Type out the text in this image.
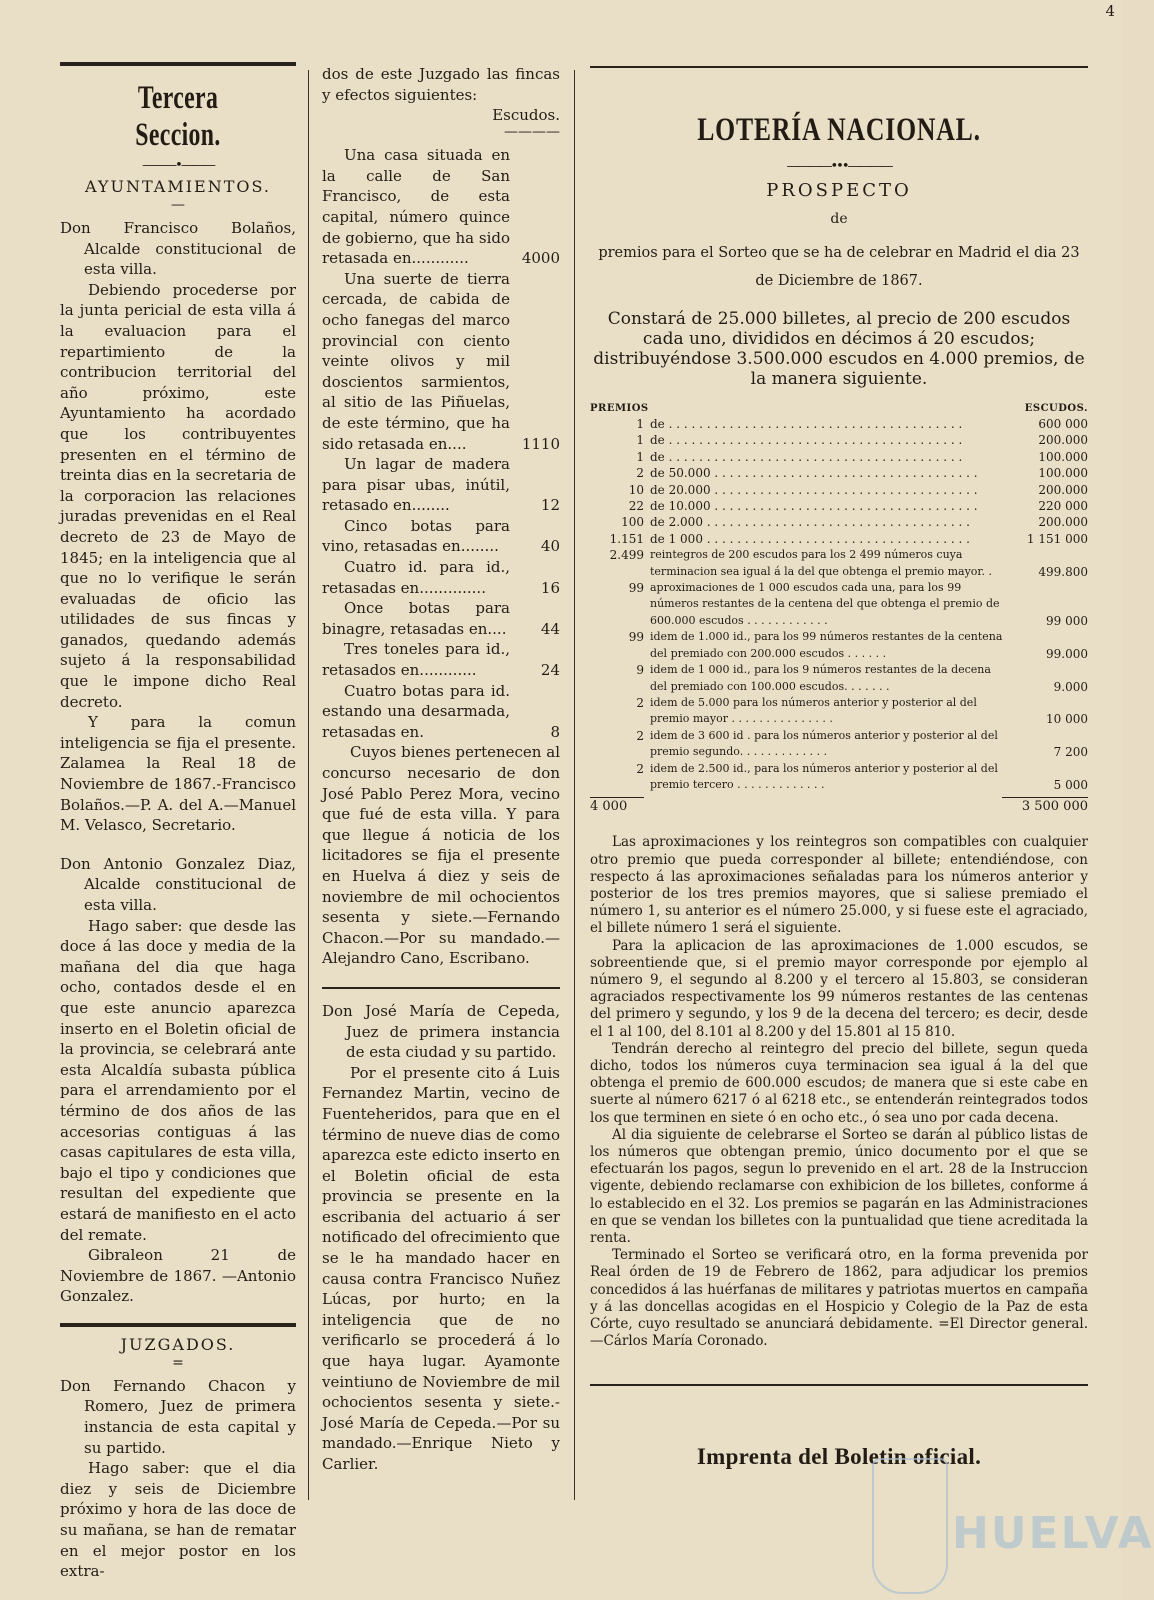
4
Tercera Seccion.
———•———
AYUNTAMIENTOS.
—

Don Francisco Bolaños, Alcalde constitucional de esta villa.

Debiendo procederse por la junta pericial de esta villa á la evaluacion para el repartimiento de la contribucion territorial del año próximo, este Ayuntamiento ha acordado que los contribuyentes presenten en el término de treinta dias en la secretaria de la corporacion las relaciones juradas prevenidas en el Real decreto de 23 de Mayo de 1845; en la inteligencia que al que no lo verifique le serán evaluadas de oficio las utilidades de sus fincas y ganados, quedando además sujeto á la responsabilidad que le impone dicho Real decreto.

Y para la comun inteligencia se fija el presente. Zalamea la Real 18 de Noviembre de 1867.-Francisco Bolaños.—P. A. del A.—Manuel M. Velasco, Secretario.

Don Antonio Gonzalez Diaz, Alcalde constitucional de esta villa.

Hago saber: que desde las doce á las doce y media de la mañana del dia que haga ocho, contados desde el en que este anuncio aparezca inserto en el Boletin oficial de la provincia, se celebrará ante esta Alcaldía subasta pública para el arrendamiento por el término de dos años de las accesorias contiguas á las casas capitulares de esta villa, bajo el tipo y condiciones que resultan del expediente que estará de manifiesto en el acto del remate.

Gibraleon 21 de Noviembre de 1867. —Antonio Gonzalez.

JUZGADOS.
=

Don Fernando Chacon y Romero, Juez de primera instancia de esta capital y su partido.

Hago saber: que el dia diez y seis de Diciembre próximo y hora de las doce de su mañana, se han de rematar en el mejor postor en los extra-

dos de este Juzgado las fincas y efectos siguientes:

Escudos.
————
Una casa situada en la calle de San Francisco, de esta capital, número quince de gobierno, que ha sido retasada en............	4000
Una suerte de tierra cercada, de cabida de ocho fanegas del marco provincial con ciento veinte olivos y mil doscientos sarmientos, al sitio de las Piñuelas, de este término, que ha sido retasada en....	1110
Un lagar de madera para pisar ubas, inútil, retasado en........	12
Cinco botas para vino, retasadas en........	40
Cuatro id. para id., retasadas en..............	16
Once botas para binagre, retasadas en....	44
Tres toneles para id., retasados en............	24
Cuatro botas para id. estando una desarmada, retasadas en.	8

Cuyos bienes pertenecen al concurso necesario de don José Pablo Perez Mora, vecino que fué de esta villa. Y para que llegue á noticia de los licitadores se fija el presente en Huelva á diez y seis de noviembre de mil ochocientos sesenta y siete.—Fernando Chacon.—Por su mandado.—Alejandro Cano, Escribano.

Don José María de Cepeda, Juez de primera instancia de esta ciudad y su partido.

Por el presente cito á Luis Fernandez Martin, vecino de Fuenteheridos, para que en el término de nueve dias de como aparezca este edicto inserto en el Boletin oficial de esta provincia se presente en la escribania del actuario á ser notificado del ofrecimiento que se le ha mandado hacer en causa contra Francisco Nuñez Lúcas, por hurto; en la inteligencia que de no verificarlo se procederá á lo que haya lugar. Ayamonte veintiuno de Noviembre de mil ochocientos sesenta y siete.-José María de Cepeda.—Por su mandado.—Enrique Nieto y Carlier.

LOTERÍA NACIONAL.
————•••————
PROSPECTO
de
premios para el Sorteo que se ha de celebrar en Madrid el dia 23 de Diciembre de 1867.
Constará de 25.000 billetes, al precio de 200 escudos cada uno, divididos en décimos á 20 escudos; distribuyéndose 3.500.000 escudos en 4.000 premios, de la manera siguiente.
PREMIOS	ESCUDOS.
1 de . . . . . . . . . . . . . . . . . . . . . . . . . . . . . . . . . . . . . . .	600 000
1 de . . . . . . . . . . . . . . . . . . . . . . . . . . . . . . . . . . . . . . .	200.000
1 de . . . . . . . . . . . . . . . . . . . . . . . . . . . . . . . . . . . . . . .	100.000
2 de 50.000 . . . . . . . . . . . . . . . . . . . . . . . . . . . . . . . . . . .	100.000
10 de 20.000 . . . . . . . . . . . . . . . . . . . . . . . . . . . . . . . . . . .	200.000
22 de 10.000 . . . . . . . . . . . . . . . . . . . . . . . . . . . . . . . . . . .	220 000
100 de 2.000 . . . . . . . . . . . . . . . . . . . . . . . . . . . . . . . . . . .	200.000
1.151 de 1 000 . . . . . . . . . . . . . . . . . . . . . . . . . . . . . . . . . . .	1 151 000
2.499 reintegros de 200 escudos para los 2 499 números cuya terminacion sea igual á la del que obtenga el premio mayor. .	499.800
99 aproximaciones de 1 000 escudos cada una, para los 99 números restantes de la centena del que obtenga el premio de 600.000 escudos . . . . . . . . . . . .	99 000
99 idem de 1.000 id., para los 99 números restantes de la centena del premiado con 200.000 escudos . . . . . .	99.000
9 idem de 1 000 id., para los 9 números restantes de la decena del premiado con 100.000 escudos. . . . . . .	9.000
2 idem de 5.000 para los números anterior y posterior al del premio mayor . . . . . . . . . . . . . . .	10 000
2 idem de 3 600 id . para los números anterior y posterior al del premio segundo. . . . . . . . . . . . .	7 200
2 idem de 2.500 id., para los números anterior y posterior al del premio tercero . . . . . . . . . . . . .	5 000
4 000	3 500 000

Las aproximaciones y los reintegros son compatibles con cualquier otro premio que pueda corresponder al billete; entendiéndose, con respecto á las aproximaciones señaladas para los números anterior y posterior de los tres premios mayores, que si saliese premiado el número 1, su anterior es el número 25.000, y si fuese este el agraciado, el billete número 1 será el siguiente.

Para la aplicacion de las aproximaciones de 1.000 escudos, se sobreentiende que, si el premio mayor corresponde por ejemplo al número 9, el segundo al 8.200 y el tercero al 15.803, se consideran agraciados respectivamente los 99 números restantes de las centenas del primero y segundo, y los 9 de la decena del tercero; es decir, desde el 1 al 100, del 8.101 al 8.200 y del 15.801 al 15 810.

Tendrán derecho al reintegro del precio del billete, segun queda dicho, todos los números cuya terminacion sea igual á la del que obtenga el premio de 600.000 escudos; de manera que si este cabe en suerte al número 6217 ó al 6218 etc., se entenderán reintegrados todos los que terminen en siete ó en ocho etc., ó sea uno por cada decena.

Al dia siguiente de celebrarse el Sorteo se darán al público listas de los números que obtengan premio, único documento por el que se efectuarán los pagos, segun lo prevenido en el art. 28 de la Instruccion vigente, debiendo reclamarse con exhibicion de los billetes, conforme á lo establecido en el 32. Los premios se pagarán en las Administraciones en que se vendan los billetes con la puntualidad que tiene acreditada la renta.

Terminado el Sorteo se verificará otro, en la forma prevenida por Real órden de 19 de Febrero de 1862, para adjudicar los premios concedidos á las huérfanas de militares y patriotas muertos en campaña y á las doncellas acogidas en el Hospicio y Colegio de la Paz de esta Córte, cuyo resultado se anunciará debidamente. =El Director general. —Cárlos María Coronado.

Imprenta del Boletin oficial.
HUELVA
